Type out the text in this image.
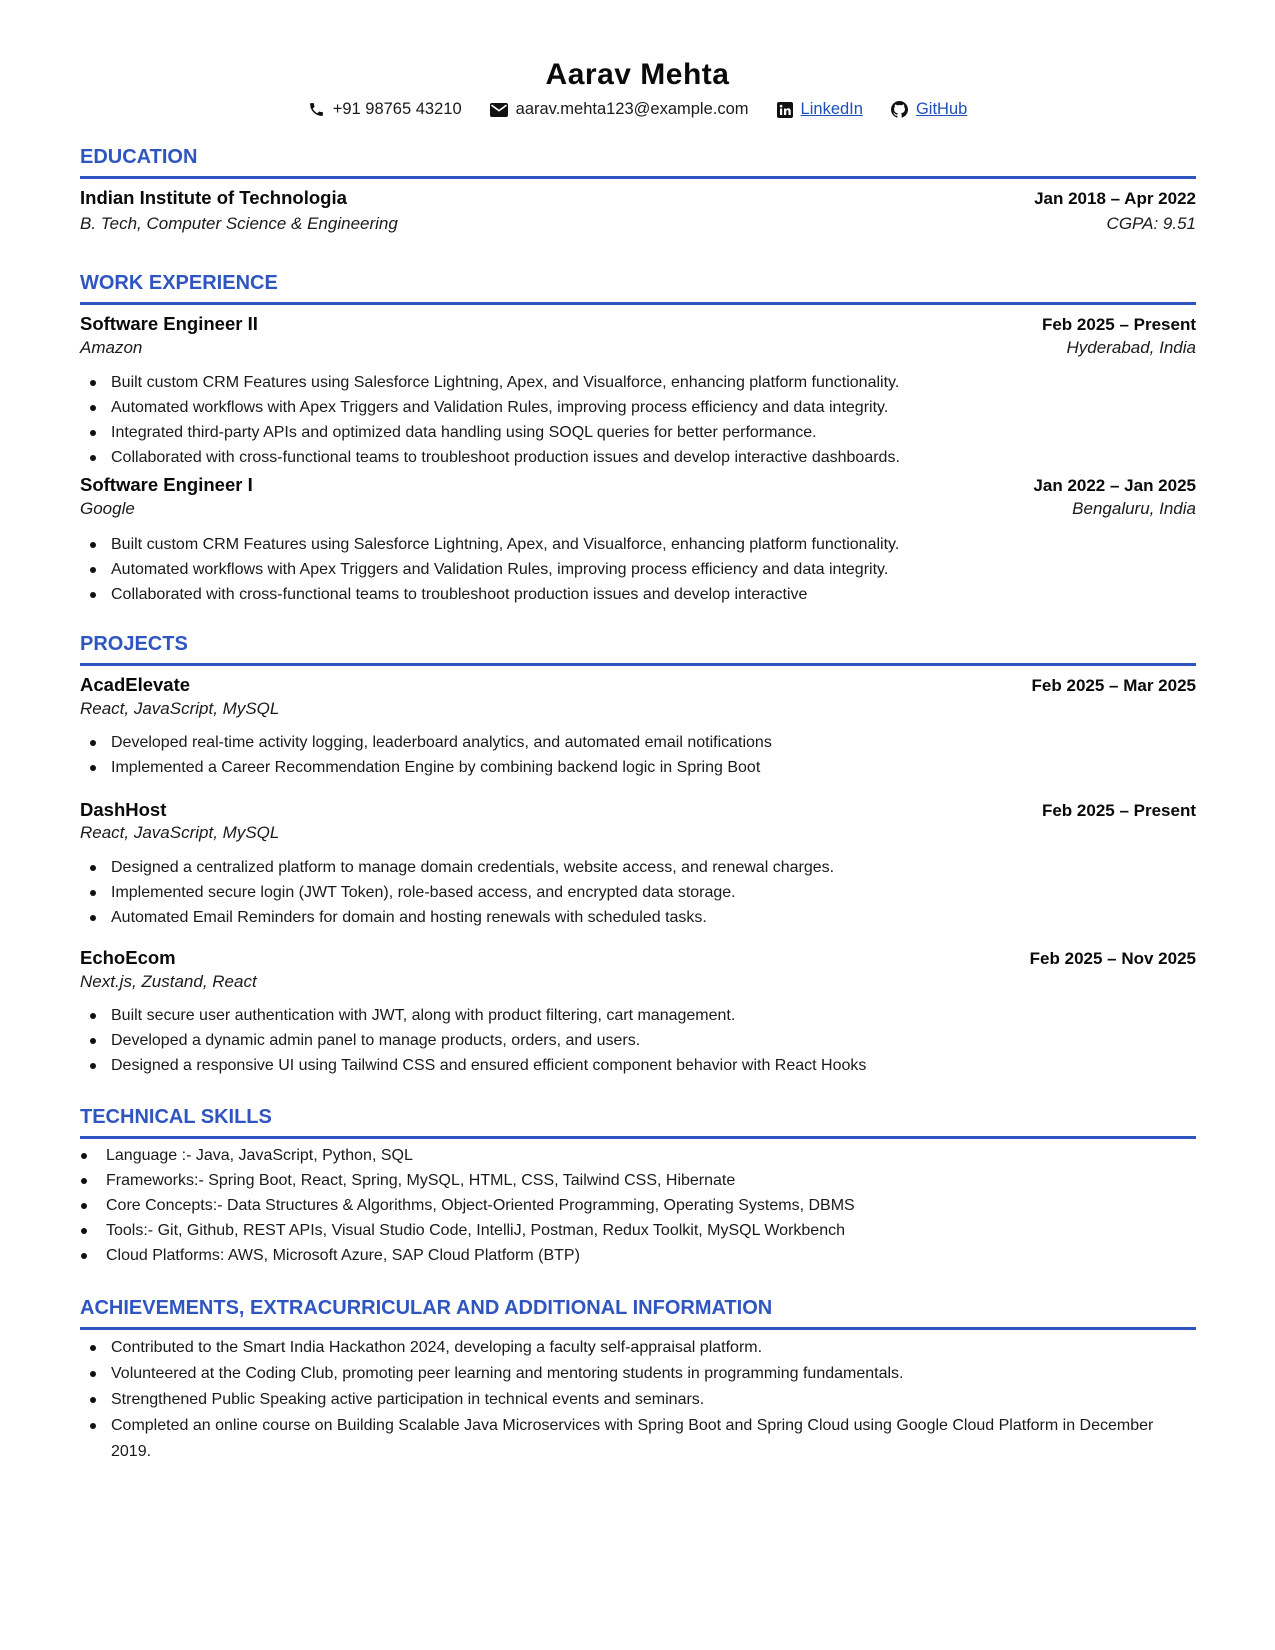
Aarav Mehta
+91 98765 43210	aarav.mehta123@example.com	LinkedIn	GitHub
EDUCATION
Indian Institute of Technologia	Jan 2018 – Apr 2022
B. Tech, Computer Science & Engineering	CGPA: 9.51
WORK EXPERIENCE
Software Engineer II	Feb 2025 – Present
Amazon	Hyderabad, India
Built custom CRM Features using Salesforce Lightning, Apex, and Visualforce, enhancing platform functionality.
Automated workflows with Apex Triggers and Validation Rules, improving process efficiency and data integrity.
Integrated third-party APIs and optimized data handling using SOQL queries for better performance.
Collaborated with cross-functional teams to troubleshoot production issues and develop interactive dashboards.
Software Engineer I	Jan 2022 – Jan 2025
Google	Bengaluru, India
Built custom CRM Features using Salesforce Lightning, Apex, and Visualforce, enhancing platform functionality.
Automated workflows with Apex Triggers and Validation Rules, improving process efficiency and data integrity.
Collaborated with cross-functional teams to troubleshoot production issues and develop interactive
PROJECTS
AcadElevate	Feb 2025 – Mar 2025
React, JavaScript, MySQL
Developed real-time activity logging, leaderboard analytics, and automated email notifications
Implemented a Career Recommendation Engine by combining backend logic in Spring Boot
DashHost	Feb 2025 – Present
React, JavaScript, MySQL
Designed a centralized platform to manage domain credentials, website access, and renewal charges.
Implemented secure login (JWT Token), role-based access, and encrypted data storage.
Automated Email Reminders for domain and hosting renewals with scheduled tasks.
EchoEcom	Feb 2025 – Nov 2025
Next.js, Zustand, React
Built secure user authentication with JWT, along with product filtering, cart management.
Developed a dynamic admin panel to manage products, orders, and users.
Designed a responsive UI using Tailwind CSS and ensured efficient component behavior with React Hooks
TECHNICAL SKILLS
Language :- Java, JavaScript, Python, SQL
Frameworks:- Spring Boot, React, Spring, MySQL, HTML, CSS, Tailwind CSS, Hibernate
Core Concepts:- Data Structures & Algorithms, Object-Oriented Programming, Operating Systems, DBMS
Tools:- Git, Github, REST APIs, Visual Studio Code, IntelliJ, Postman, Redux Toolkit, MySQL Workbench
Cloud Platforms: AWS, Microsoft Azure, SAP Cloud Platform (BTP)
ACHIEVEMENTS, EXTRACURRICULAR AND ADDITIONAL INFORMATION
Contributed to the Smart India Hackathon 2024, developing a faculty self-appraisal platform.
Volunteered at the Coding Club, promoting peer learning and mentoring students in programming fundamentals.
Strengthened Public Speaking active participation in technical events and seminars.
Completed an online course on Building Scalable Java Microservices with Spring Boot and Spring Cloud using Google Cloud Platform in December 2019.
